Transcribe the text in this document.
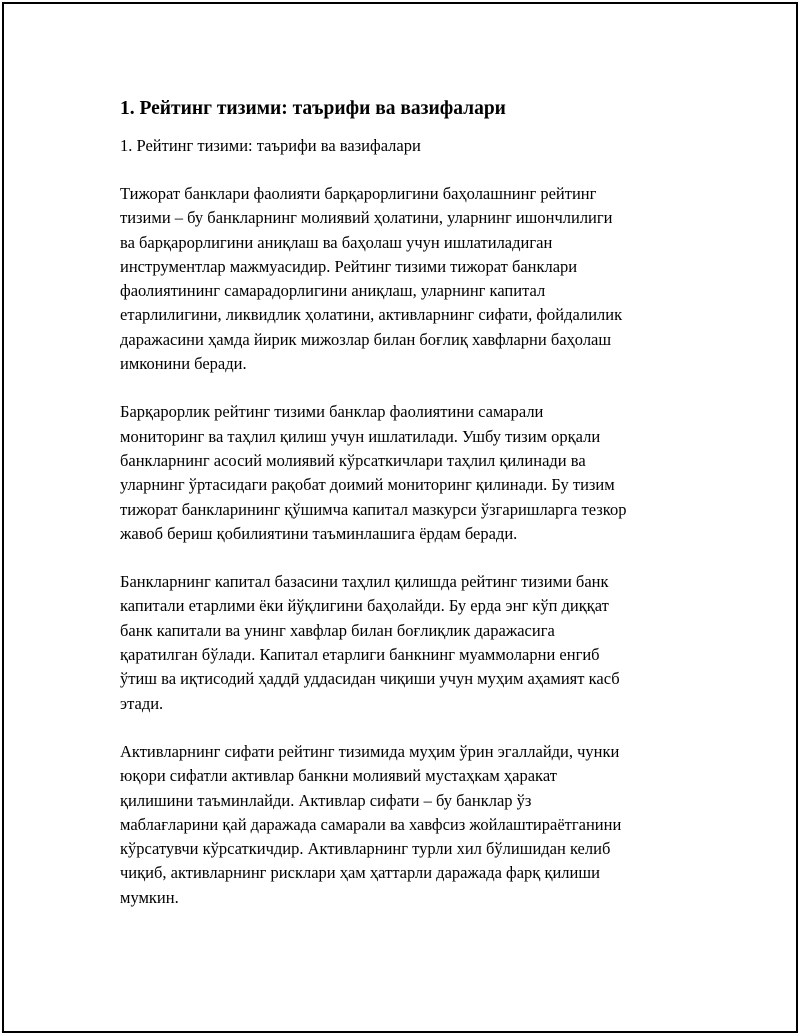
1. Рейтинг тизими: таърифи ва вазифалари
1. Рейтинг тизими: таърифи ва вазифалари
Тижорат банклари фаолияти барқарорлигини баҳолашнинг рейтинг
тизими – бу банкларнинг молиявий ҳолатини, уларнинг ишончлилиги
ва барқарорлигини аниқлаш ва баҳолаш учун ишлатиладиган
инструментлар мажмуасидир. Рейтинг тизими тижорат банклари
фаолиятининг самарадорлигини аниқлаш, уларнинг капитал
етарлилигини, ликвидлик ҳолатини, активларнинг сифати, фойдалилик
даражасини ҳамда йирик мижозлар билан боғлиқ хавфларни баҳолаш
имконини беради.
Барқарорлик рейтинг тизими банклар фаолиятини самарали
мониторинг ва таҳлил қилиш учун ишлатилади. Ушбу тизим орқали
банкларнинг асосий молиявий кўрсаткичлари таҳлил қилинади ва
уларнинг ўртасидаги рақобат доимий мониторинг қилинади. Бу тизим
тижорат банкларининг қўшимча капитал мазкурси ўзгаришларга тезкор
жавоб бериш қобилиятини таъминлашига ёрдам беради.
Банкларнинг капитал базасини таҳлил қилишда рейтинг тизими банк
капитали етарлими ёки йўқлигини баҳолайди. Бу ерда энг кўп диққат
банк капитали ва унинг хавфлар билан боғлиқлик даражасига
қаратилган бўлади. Капитал етарлиги банкнинг муаммоларни енгиб
ўтиш ва иқтисодий ҳаддӣ уддасидан чиқиши учун муҳим аҳамият касб
этади.
Активларнинг сифати рейтинг тизимида муҳим ўрин эгаллайди, чунки
юқори сифатли активлар банкни молиявий мустаҳкам ҳаракат
қилишини таъминлайди. Активлар сифати – бу банклар ўз
маблағларини қай даражада самарали ва хавфсиз жойлаштираётганини
кўрсатувчи кўрсаткичдир. Активларнинг турли хил бўлишидан келиб
чиқиб, активларнинг рисклари ҳам ҳаттарли даражада фарқ қилиши
мумкин.
